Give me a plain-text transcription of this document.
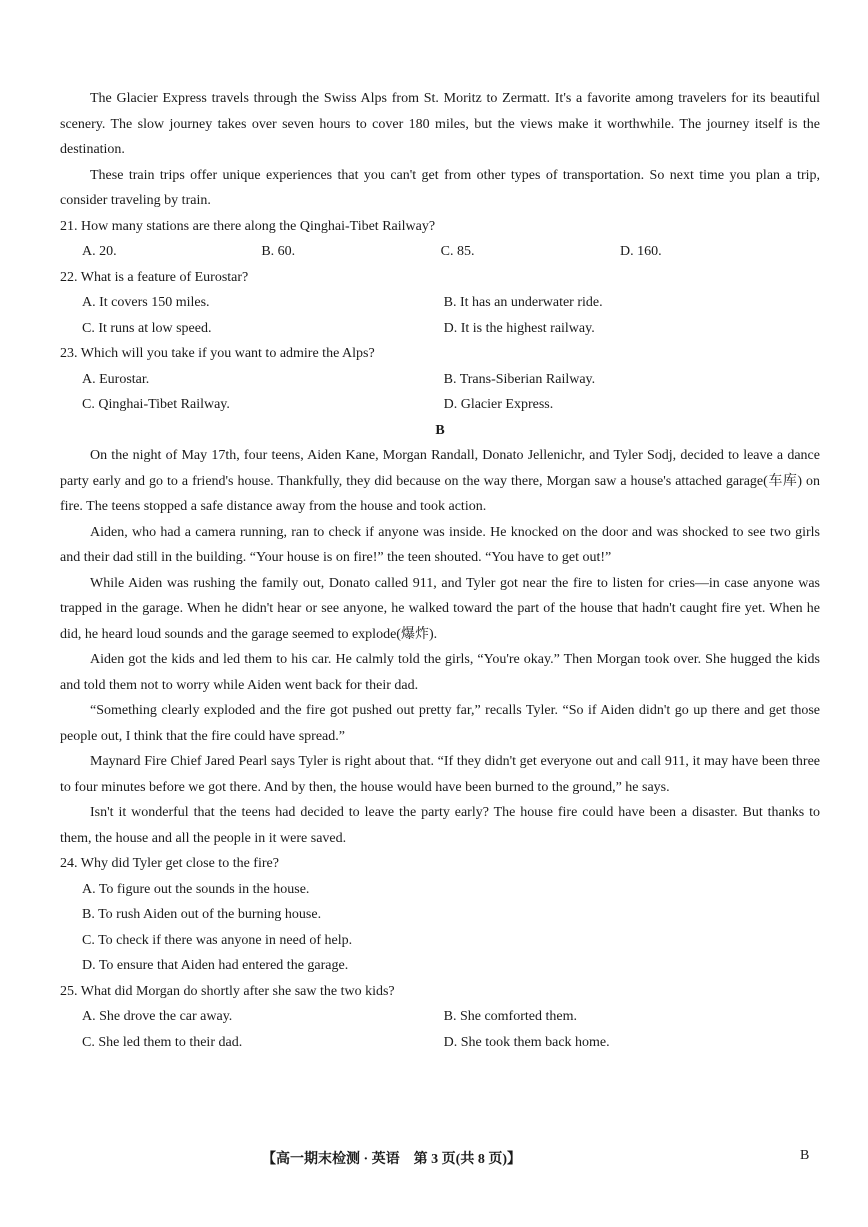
The Glacier Express travels through the Swiss Alps from St. Moritz to Zermatt. It's a favorite among travelers for its beautiful scenery. The slow journey takes over seven hours to cover 180 miles, but the views make it worthwhile. The journey itself is the destination.

These train trips offer unique experiences that you can't get from other types of transportation. So next time you plan a trip, consider traveling by train.

21. How many stations are there along the Qinghai-Tibet Railway?

A. 20.	B. 60.	C. 85.	D. 160.

22. What is a feature of Eurostar?

A. It covers 150 miles.	B. It has an underwater ride.
C. It runs at low speed.	D. It is the highest railway.

23. Which will you take if you want to admire the Alps?

A. Eurostar.	B. Trans-Siberian Railway.
C. Qinghai-Tibet Railway.	D. Glacier Express.

B

On the night of May 17th, four teens, Aiden Kane, Morgan Randall, Donato Jellenichr, and Tyler Sodj, decided to leave a dance party early and go to a friend's house. Thankfully, they did because on the way there, Morgan saw a house's attached garage(车库) on fire. The teens stopped a safe distance away from the house and took action.

Aiden, who had a camera running, ran to check if anyone was inside. He knocked on the door and was shocked to see two girls and their dad still in the building. “Your house is on fire!” the teen shouted. “You have to get out!”

While Aiden was rushing the family out, Donato called 911, and Tyler got near the fire to listen for cries—in case anyone was trapped in the garage. When he didn't hear or see anyone, he walked toward the part of the house that hadn't caught fire yet. When he did, he heard loud sounds and the garage seemed to explode(爆炸).

Aiden got the kids and led them to his car. He calmly told the girls, “You're okay.” Then Morgan took over. She hugged the kids and told them not to worry while Aiden went back for their dad.

“Something clearly exploded and the fire got pushed out pretty far,” recalls Tyler. “So if Aiden didn't go up there and get those people out, I think that the fire could have spread.”

Maynard Fire Chief Jared Pearl says Tyler is right about that. “If they didn't get everyone out and call 911, it may have been three to four minutes before we got there. And by then, the house would have been burned to the ground,” he says.

Isn't it wonderful that the teens had decided to leave the party early? The house fire could have been a disaster. But thanks to them, the house and all the people in it were saved.

24. Why did Tyler get close to the fire?

A. To figure out the sounds in the house.
B. To rush Aiden out of the burning house.
C. To check if there was anyone in need of help.
D. To ensure that Aiden had entered the garage.

25. What did Morgan do shortly after she saw the two kids?

A. She drove the car away.	B. She comforted them.
C. She led them to their dad.	D. She took them back home.
【高一期末检测 · 英语　第 3 页(共 8 页)】	B
